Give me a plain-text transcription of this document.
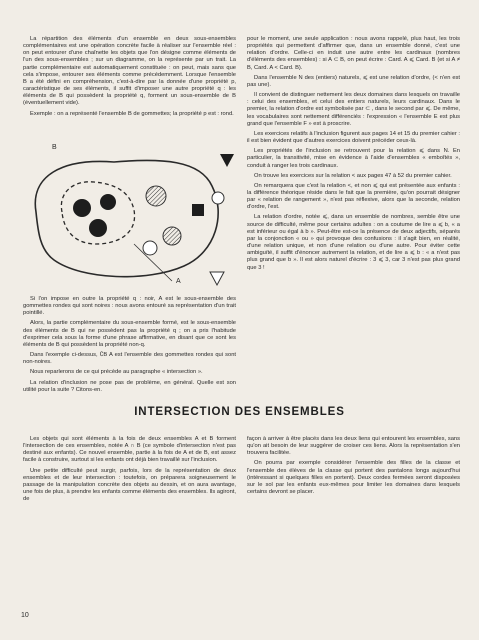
La répartition des éléments d'un ensemble en deux sous-ensembles complémentaires est une opération concrète facile à réaliser sur l'ensemble réel : on peut entourer d'une chaînette les objets que l'on désigne comme éléments de l'un des sous-ensembles ; sur un diagramme, on la représente par un trait. La partie complémentaire est automatiquement constituée : on peut, mais sans que cela s'impose, entourer ses éléments comme précédemment. Lorsque l'ensemble B a été défini en compréhension, c'est-à-dire par la donnée d'une propriété p, caractéristique de ses éléments, il suffit d'imposer une autre propriété q : les éléments de B qui possèdent la propriété q, forment un sous-ensemble de B (éventuellement vide).

Exemple : on a représenté l'ensemble B de gommettes; la propriété p est : rond.

B
A

Si l'on impose en outre la propriété q : noir, A est le sous-ensemble des gommettes rondes qui sont noires : nous avons entouré sa représentation d'un trait pointillé.

Alors, la partie complémentaire du sous-ensemble formé, est le sous-ensemble des éléments de B qui ne possèdent pas la propriété q ; on a pris l'habitude d'exprimer cela sous la forme d'une phrase affirmative, en disant que ce sont les éléments de B qui possèdent la propriété non-q.

Dans l'exemple ci-dessus, ∁B A est l'ensemble des gommettes rondes qui sont non-noires.

Nous reparlerons de ce qui précède au paragraphe « intersection ».

La relation d'inclusion ne pose pas de problème, en général. Quelle est son utilité pour la suite ? Citons-en.

pour le moment, une seule application : nous avons rappelé, plus haut, les trois propriétés qui permettent d'affirmer que, dans un ensemble donné, c'est une relation d'ordre. Celle-ci en induit une autre entre les cardinaux (nombres d'éléments des ensembles) : si A ⊂ B, on peut écrire : Card. A ⩽ Card. B (et si A ≠ B, Card. A < Card. B).

Dans l'ensemble N des (entiers) naturels, ⩽ est une relation d'ordre, (< n'en est pas une).

Il convient de distinguer nettement les deux domaines dans lesquels on travaille : celui des ensembles, et celui des entiers naturels, leurs cardinaux. Dans le premier, la relation d'ordre est symbolisée par ⊂ , dans le second par ⩽. De même, les vocabulaires sont nettement différenciés : l'expression « l'ensemble E est plus grand que l'ensemble F » est à proscrire.

Les exercices relatifs à l'inclusion figurent aux pages 14 et 15 du premier cahier : il est bien évident que d'autres exercices doivent précéder ceux-là.

Les propriétés de l'inclusion se retrouvent pour la relation ⩽ dans N. En particulier, la transitivité, mise en évidence à l'aide d'ensembles « emboîtés », conduit à ranger les trois cardinaux.

On trouve les exercices sur la relation < aux pages 47 à 52 du premier cahier.

On remarquera que c'est la relation <, et non ⩽ qui est présentée aux enfants : la différence théorique réside dans le fait que la première, qu'on pourrait désigner par « relation de rangement », n'est pas réflexive, alors que la seconde, relation d'ordre, l'est.

La relation d'ordre, notée ⩽, dans un ensemble de nombres, semble être une source de difficulté, même pour certains adultes : on a coutume de lire a ⩽ b, « a est inférieur ou égal à b ». Peut-être est-ce la présence de deux adjectifs, séparés par la conjonction « ou » qui provoque des confusions : il s'agit bien, en réalité, d'une relation unique, et non d'une relation ou d'une autre. Pour éviter cette ambiguïté, il suffit d'énoncer autrement la relation, et de lire a ⩽ b : « a n'est pas plus grand que b ». Il est alors naturel d'écrire : 3 ⩽ 3, car 3 n'est pas plus grand que 3 !

INTERSECTION DES ENSEMBLES

Les objets qui sont éléments à la fois de deux ensembles A et B forment l'intersection de ces ensembles, notée A ∩ B (ce symbole d'intersection n'est pas destiné aux enfants). Ce nouvel ensemble, partie à la fois de A et de B, est assez facile à construire, surtout si les enfants ont déjà bien travaillé sur l'inclusion.

Une petite difficulté peut surgir, parfois, lors de la représentation de deux ensembles et de leur intersection : toutefois, on préparera soigneusement le passage de la manipulation concrète des objets au dessin, et on aura avantage, une fois de plus, à prendre les enfants comme éléments des ensembles. Ils agiront, de

façon à arriver à être placés dans les deux liens qui entourent les ensembles, sans qu'on ait besoin de leur suggérer de croiser ces liens. Alors la représentation s'en trouvera facilitée.

On pourra par exemple considérer l'ensemble des filles de la classe et l'ensemble des élèves de la classe qui portent des pantalons longs aujourd'hui (intéressant si quelques filles en portent). Deux cordes fermées seront disposées sur le sol par les enfants eux-mêmes pour limiter les domaines dans lesquels certains devront se placer.

10
